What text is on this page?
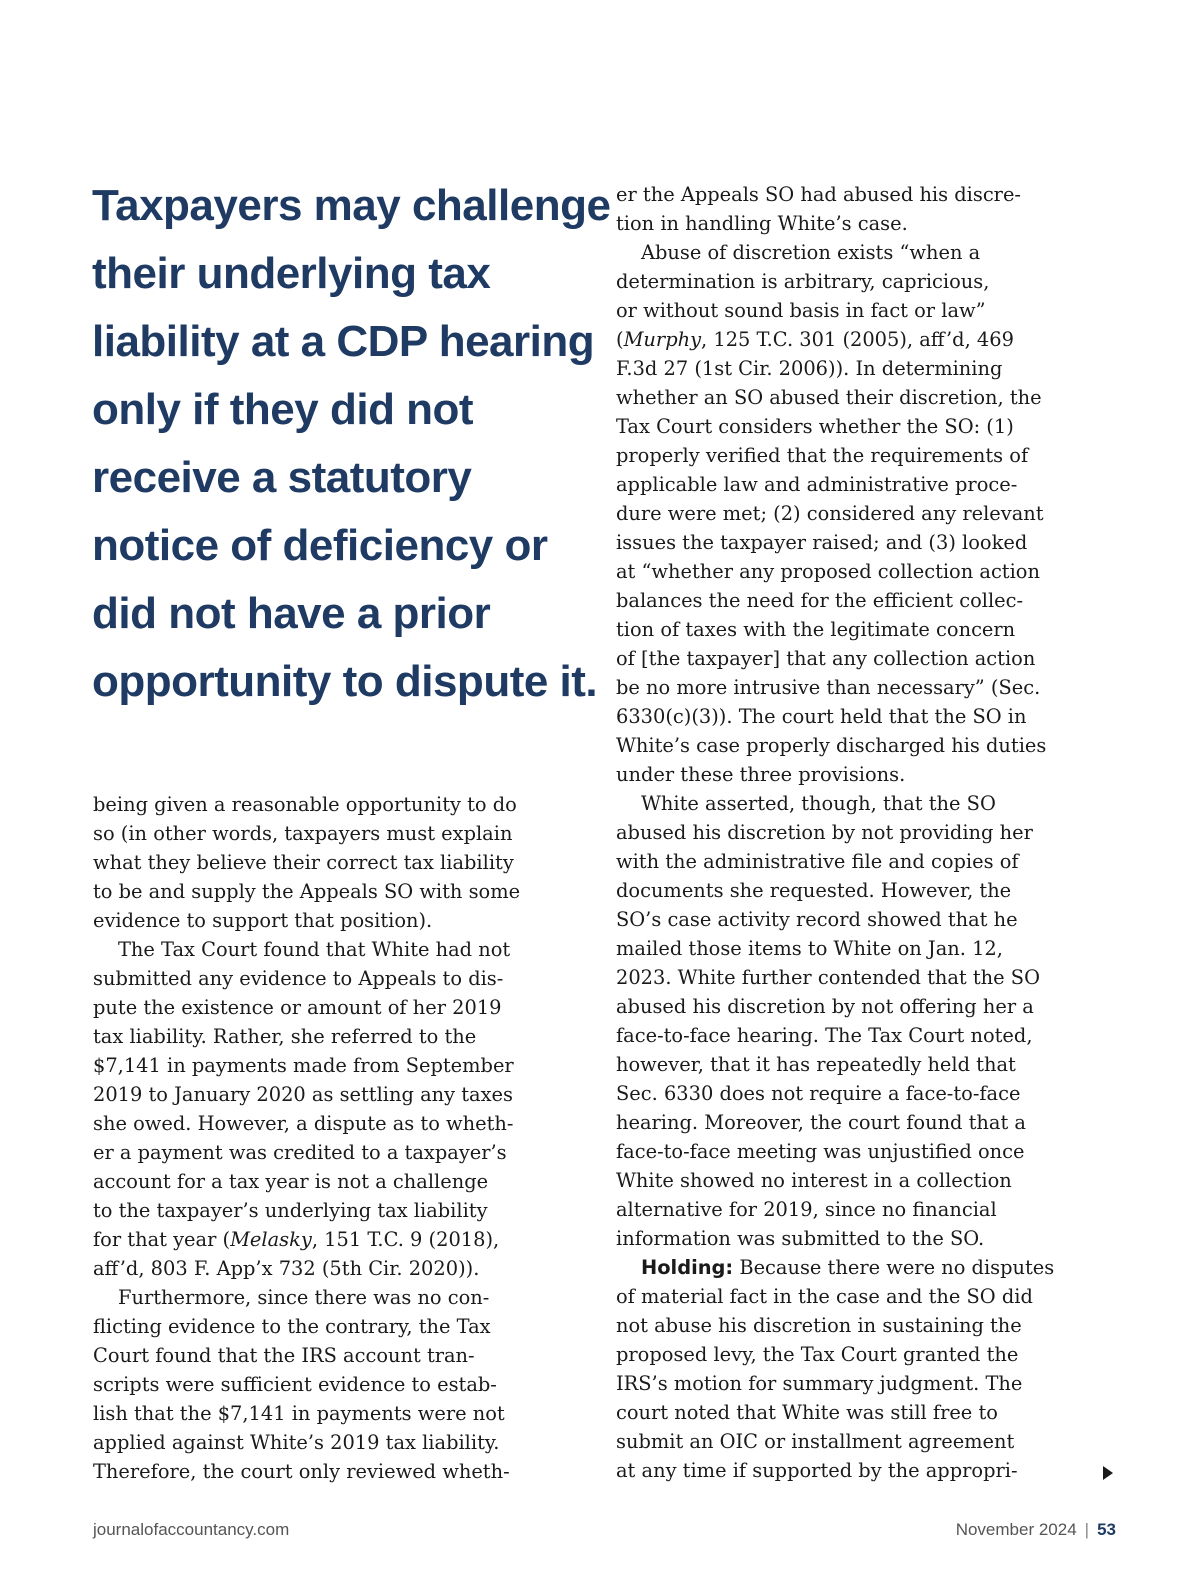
Taxpayers may challenge
their underlying tax
liability at a CDP hearing
only if they did not
receive a statutory
notice of deficiency or
did not have a prior
opportunity to dispute it.

being given a reasonable opportunity to do
so (in other words, taxpayers must explain
what they believe their correct tax liability
to be and supply the Appeals SO with some
evidence to support that position).

The Tax Court found that White had not
submitted any evidence to Appeals to dis-
pute the existence or amount of her 2019
tax liability. Rather, she referred to the
$7,141 in payments made from September
2019 to January 2020 as settling any taxes
she owed. However, a dispute as to wheth-
er a payment was credited to a taxpayer’s
account for a tax year is not a challenge
to the taxpayer’s underlying tax liability
for that year (Melasky, 151 T.C. 9 (2018),
aff’d, 803 F. App’x 732 (5th Cir. 2020)).

Furthermore, since there was no con-
flicting evidence to the contrary, the Tax
Court found that the IRS account tran-
scripts were sufficient evidence to estab-
lish that the $7,141 in payments were not
applied against White’s 2019 tax liability.
Therefore, the court only reviewed wheth-

er the Appeals SO had abused his discre-
tion in handling White’s case.

Abuse of discretion exists “when a
determination is arbitrary, capricious,
or without sound basis in fact or law”
(Murphy, 125 T.C. 301 (2005), aff’d, 469
F.3d 27 (1st Cir. 2006)). In determining
whether an SO abused their discretion, the
Tax Court considers whether the SO: (1)
properly verified that the requirements of
applicable law and administrative proce-
dure were met; (2) considered any relevant
issues the taxpayer raised; and (3) looked
at “whether any proposed collection action
balances the need for the efficient collec-
tion of taxes with the legitimate concern
of [the taxpayer] that any collection action
be no more intrusive than necessary” (Sec.
6330(c)(3)). The court held that the SO in
White’s case properly discharged his duties
under these three provisions.

White asserted, though, that the SO
abused his discretion by not providing her
with the administrative file and copies of
documents she requested. However, the
SO’s case activity record showed that he
mailed those items to White on Jan. 12,
2023. White further contended that the SO
abused his discretion by not offering her a
face-to-face hearing. The Tax Court noted,
however, that it has repeatedly held that
Sec. 6330 does not require a face-to-face
hearing. Moreover, the court found that a
face-to-face meeting was unjustified once
White showed no interest in a collection
alternative for 2019, since no financial
information was submitted to the SO.

Holding: Because there were no disputes
of material fact in the case and the SO did
not abuse his discretion in sustaining the
proposed levy, the Tax Court granted the
IRS’s motion for summary judgment. The
court noted that White was still free to
submit an OIC or installment agreement
at any time if supported by the appropri-

journalofaccountancy.com	November 2024 | 53
